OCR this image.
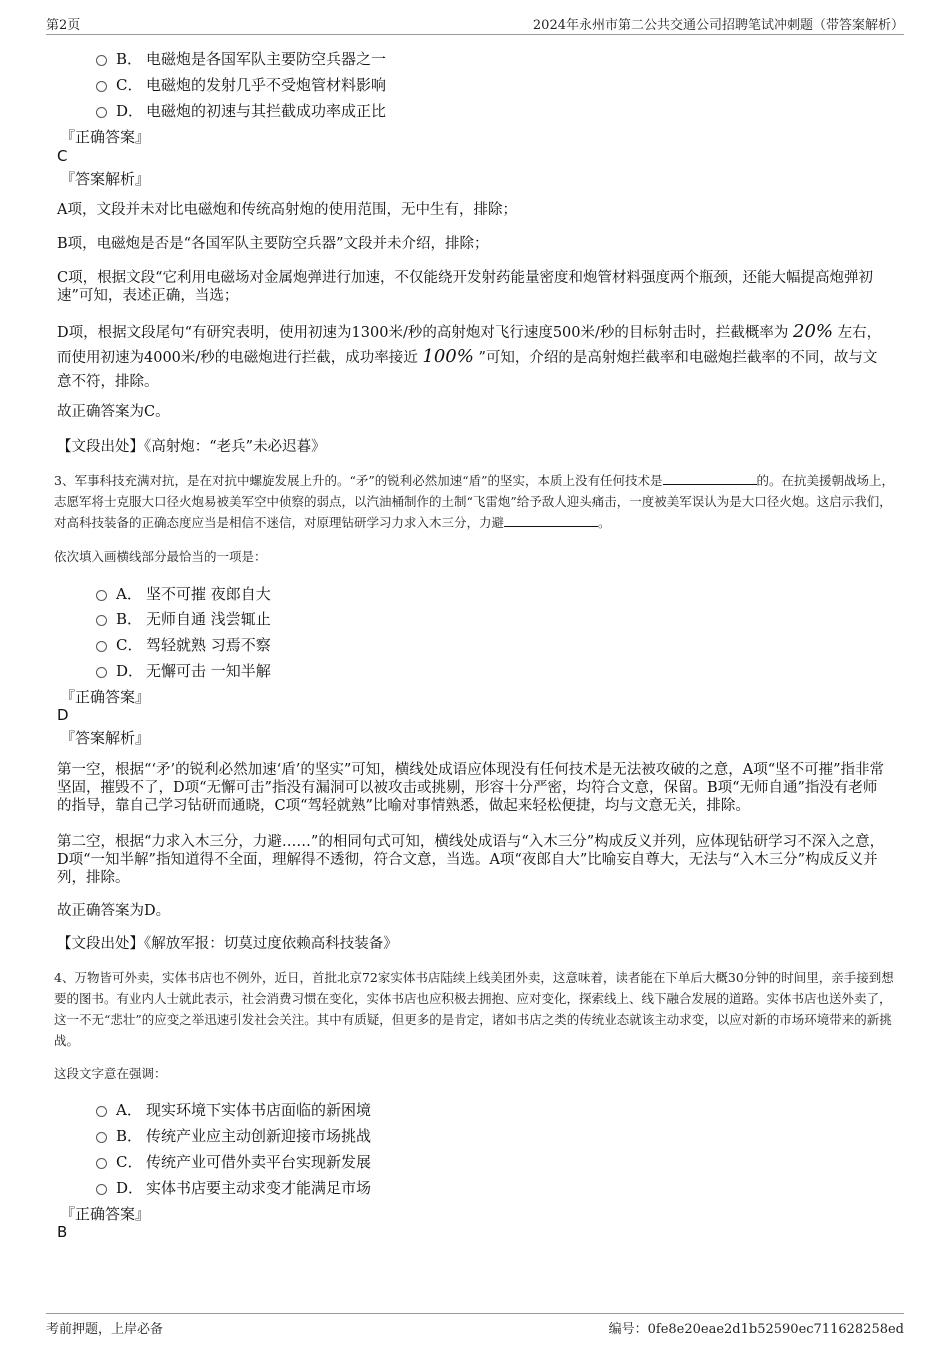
第2页	2024年永州市第二公共交通公司招聘笔试冲刺题（带答案解析）
B． 电磁炮是各国军队主要防空兵器之一
C． 电磁炮的发射几乎不受炮管材料影响
D． 电磁炮的初速与其拦截成功率成正比
『正确答案』
C
『答案解析』
A项，文段并未对比电磁炮和传统高射炮的使用范围，无中生有，排除；
B项，电磁炮是否是“各国军队主要防空兵器”文段并未介绍，排除；
C项，根据文段“它利用电磁场对金属炮弹进行加速，不仅能绕开发射药能量密度和炮管材料强度两个瓶颈，还能大幅提高炮弹初速”可知，表述正确，当选；
D项，根据文段尾句“有研究表明，使用初速为1300米/秒的高射炮对飞行速度500米/秒的目标射击时，拦截概率为 20% 左右，而使用初速为4000米/秒的电磁炮进行拦截，成功率接近 100% ”可知，介绍的是高射炮拦截率和电磁炮拦截率的不同，故与文意不符，排除。
故正确答案为C。
【文段出处】《高射炮：“老兵”未必迟暮》
3、军事科技充满对抗，是在对抗中螺旋发展上升的。“矛”的锐利必然加速“盾”的坚实，本质上没有任何技术是	的。在抗美援朝战场上，志愿军将士克服大口径火炮易被美军空中侦察的弱点，以汽油桶制作的土制“飞雷炮”给予敌人迎头痛击，一度被美军误认为是大口径火炮。这启示我们，对高科技装备的正确态度应当是相信不迷信，对原理钻研学习力求入木三分，力避	。
依次填入画横线部分最恰当的一项是：
A． 坚不可摧 夜郎自大
B． 无师自通 浅尝辄止
C． 驾轻就熟 习焉不察
D． 无懈可击 一知半解
『正确答案』
D
『答案解析』
第一空，根据“‘矛’的锐利必然加速‘盾’的坚实”可知，横线处成语应体现没有任何技术是无法被攻破的之意，A项“坚不可摧”指非常坚固，摧毁不了，D项“无懈可击”指没有漏洞可以被攻击或挑剔，形容十分严密，均符合文意，保留。B项“无师自通”指没有老师的指导，靠自己学习钻研而通晓，C项“驾轻就熟”比喻对事情熟悉，做起来轻松便捷，均与文意无关，排除。
第二空，根据“力求入木三分，力避……”的相同句式可知，横线处成语与“入木三分”构成反义并列，应体现钻研学习不深入之意，D项“一知半解”指知道得不全面，理解得不透彻，符合文意，当选。A项“夜郎自大”比喻妄自尊大，无法与“入木三分”构成反义并列，排除。
故正确答案为D。
【文段出处】《解放军报：切莫过度依赖高科技装备》
4、万物皆可外卖，实体书店也不例外，近日，首批北京72家实体书店陆续上线美团外卖，这意味着，读者能在下单后大概30分钟的时间里，亲手接到想要的图书。有业内人士就此表示，社会消费习惯在变化，实体书店也应积极去拥抱、应对变化，探索线上、线下融合发展的道路。实体书店也送外卖了，这一不无“悲壮”的应变之举迅速引发社会关注。其中有质疑，但更多的是肯定，诸如书店之类的传统业态就该主动求变，以应对新的市场环境带来的新挑战。
这段文字意在强调：
A． 现实环境下实体书店面临的新困境
B． 传统产业应主动创新迎接市场挑战
C． 传统产业可借外卖平台实现新发展
D． 实体书店要主动求变才能满足市场
『正确答案』
B
考前押题，上岸必备	编号：0fe8e20eae2d1b52590ec711628258ed
